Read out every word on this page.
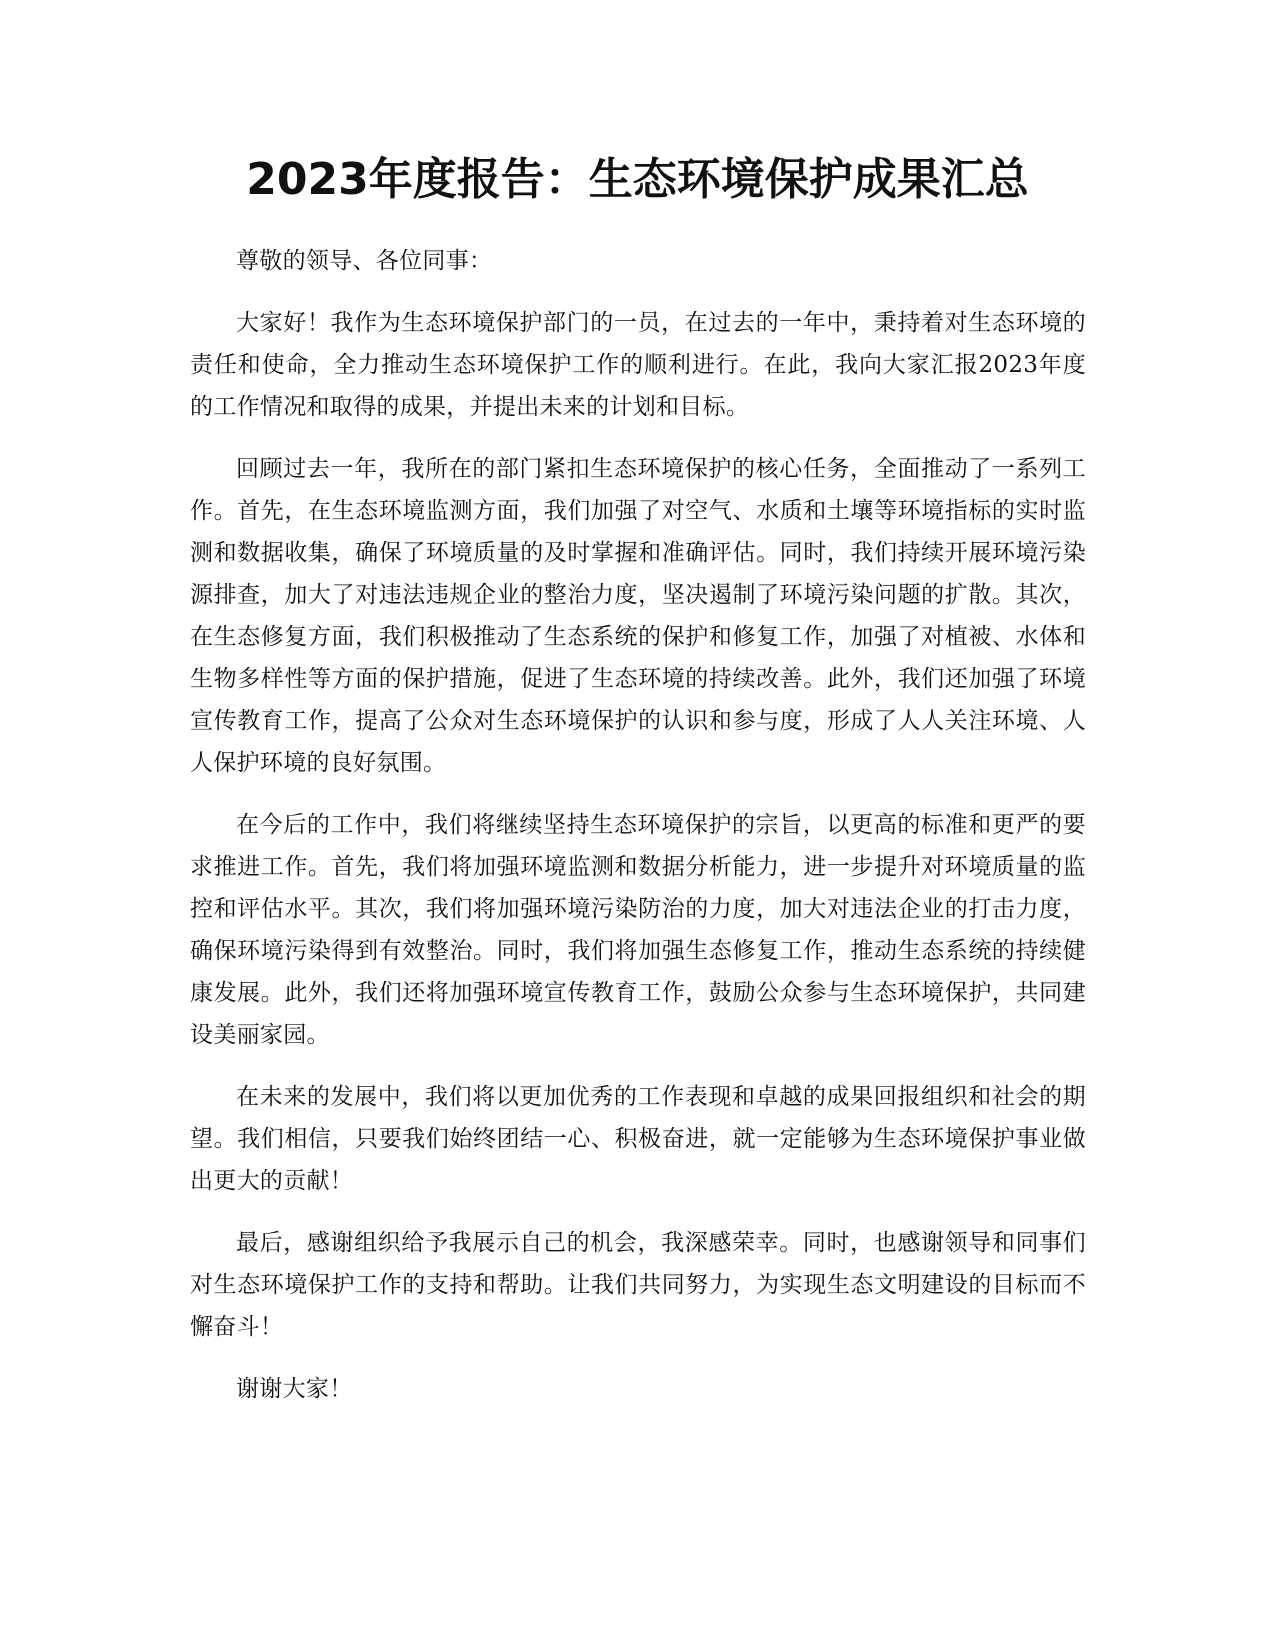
2023年度报告：生态环境保护成果汇总

尊敬的领导、各位同事：

大家好！我作为生态环境保护部门的一员，在过去的一年中，秉持着对生态环境的责任和使命，全力推动生态环境保护工作的顺利进行。在此，我向大家汇报2023年度的工作情况和取得的成果，并提出未来的计划和目标。

回顾过去一年，我所在的部门紧扣生态环境保护的核心任务，全面推动了一系列工作。首先，在生态环境监测方面，我们加强了对空气、水质和土壤等环境指标的实时监测和数据收集，确保了环境质量的及时掌握和准确评估。同时，我们持续开展环境污染源排查，加大了对违法违规企业的整治力度，坚决遏制了环境污染问题的扩散。其次，在生态修复方面，我们积极推动了生态系统的保护和修复工作，加强了对植被、水体和生物多样性等方面的保护措施，促进了生态环境的持续改善。此外，我们还加强了环境宣传教育工作，提高了公众对生态环境保护的认识和参与度，形成了人人关注环境、人人保护环境的良好氛围。

在今后的工作中，我们将继续坚持生态环境保护的宗旨，以更高的标准和更严的要求推进工作。首先，我们将加强环境监测和数据分析能力，进一步提升对环境质量的监控和评估水平。其次，我们将加强环境污染防治的力度，加大对违法企业的打击力度，确保环境污染得到有效整治。同时，我们将加强生态修复工作，推动生态系统的持续健康发展。此外，我们还将加强环境宣传教育工作，鼓励公众参与生态环境保护，共同建设美丽家园。

在未来的发展中，我们将以更加优秀的工作表现和卓越的成果回报组织和社会的期望。我们相信，只要我们始终团结一心、积极奋进，就一定能够为生态环境保护事业做出更大的贡献！

最后，感谢组织给予我展示自己的机会，我深感荣幸。同时，也感谢领导和同事们对生态环境保护工作的支持和帮助。让我们共同努力，为实现生态文明建设的目标而不懈奋斗！

谢谢大家！
